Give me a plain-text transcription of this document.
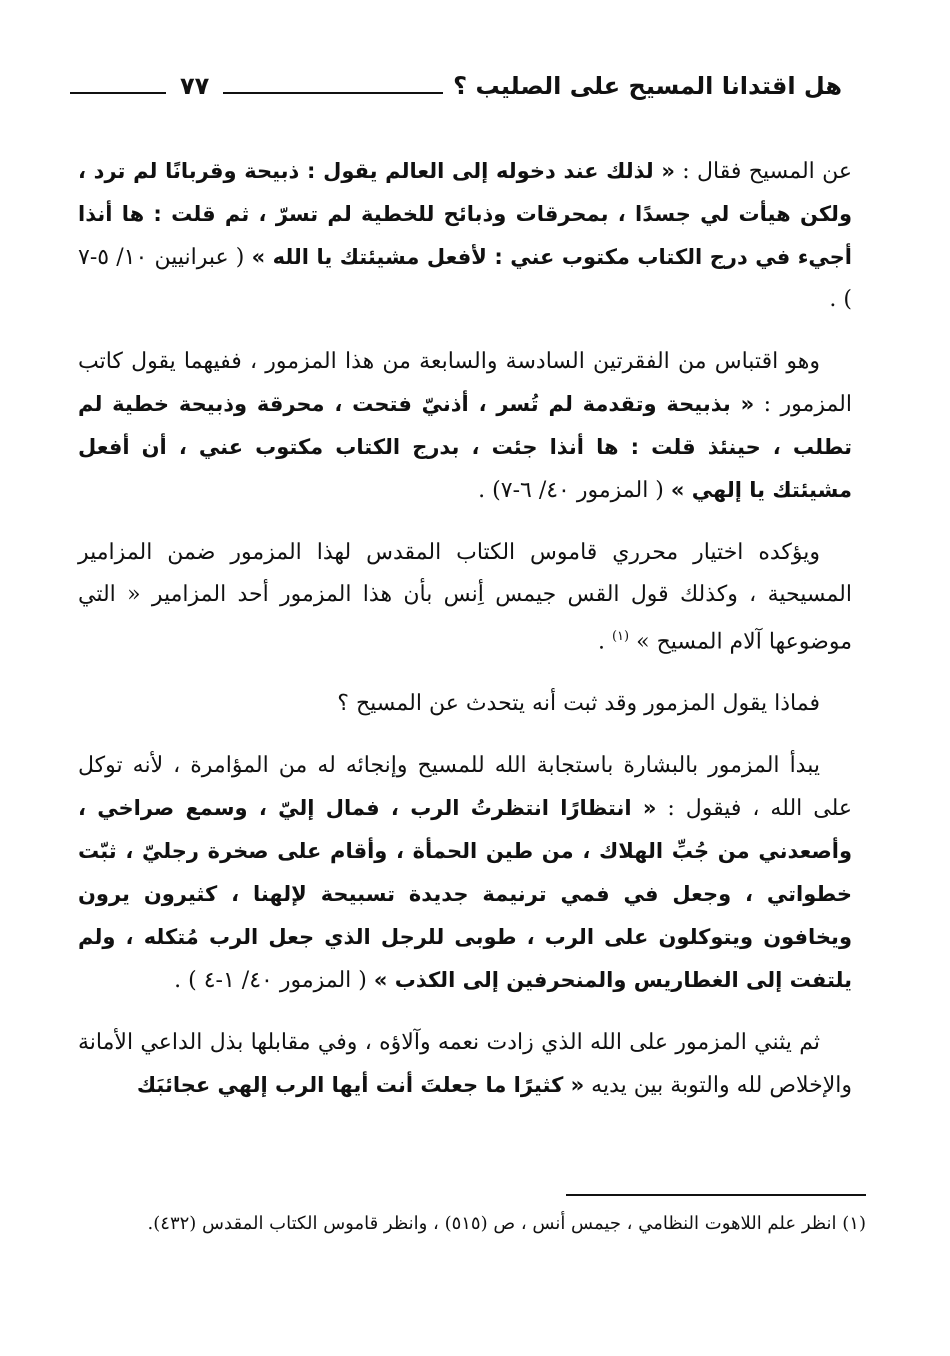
هل اقتدانا المسيح على الصليب ؟
٧٧

عن المسيح فقال : « لذلك عند دخوله إلى العالم يقول : ذبيحة وقربانًا لم ترد ، ولكن هيأت لي جسدًا ، بمحرقات وذبائح للخطية لم تسرّ ، ثم قلت : ها أنذا أجيء في درج الكتاب مكتوب عني : لأفعل مشيئتك يا الله » ( عبرانيين ١٠/ ٥-٧ ) .

وهو اقتباس من الفقرتين السادسة والسابعة من هذا المزمور ، ففيهما يقول كاتب المزمور : « بذبيحة وتقدمة لم تُسر ، أذنيّ فتحت ، محرقة وذبيحة خطية لم تطلب ، حينئذ قلت : ها أنذا جئت ، بدرج الكتاب مكتوب عني ، أن أفعل مشيئتك يا إلهي » ( المزمور ٤٠/ ٦-٧) .

ويؤكده اختيار محرري قاموس الكتاب المقدس لهذا المزمور ضمن المزامير المسيحية ، وكذلك قول القس جيمس أِنس بأن هذا المزمور أحد المزامير « التي موضوعها آلام المسيح » $^{(١)}$ .

فماذا يقول المزمور وقد ثبت أنه يتحدث عن المسيح ؟

يبدأ المزمور بالبشارة باستجابة الله للمسيح وإنجائه له من المؤامرة ، لأنه توكل على الله ، فيقول : « انتظارًا انتظرتُ الرب ، فمال إليّ ، وسمع صراخي ، وأصعدني من جُبِّ الهلاك ، من طين الحمأة ، وأقام على صخرة رجليّ ، ثبّت خطواتي ، وجعل في فمي ترنيمة جديدة تسبيحة لإلهنا ، كثيرون يرون ويخافون ويتوكلون على الرب ، طوبى للرجل الذي جعل الرب مُتكله ، ولم يلتفت إلى الغطاريس والمنحرفين إلى الكذب » ( المزمور ٤٠/ ١-٤ ) .

ثم يثني المزمور على الله الذي زادت نعمه وآلاؤه ، وفي مقابلها بذل الداعي الأمانة والإخلاص لله والتوبة بين يديه « كثيرًا ما جعلتَ أنت أيها الرب إلهي عجائبَك

(١) انظر علم اللاهوت النظامي ، جيمس أنس ، ص (٥١٥) ، وانظر قاموس الكتاب المقدس (٤٣٢).
